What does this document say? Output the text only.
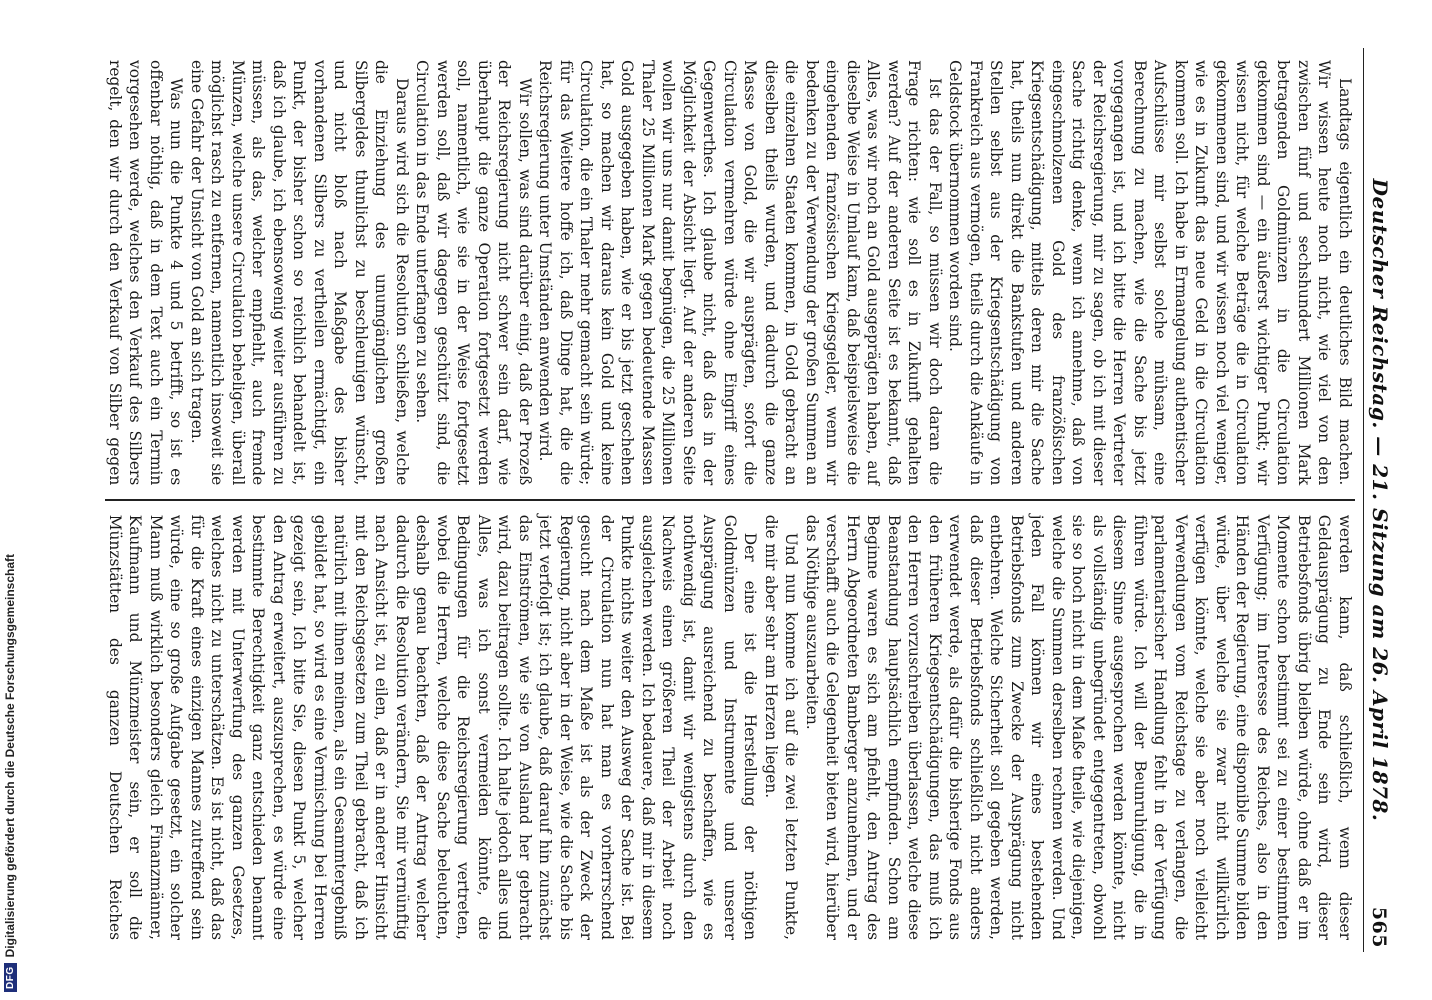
DFG
Digitalisierung gefördert durch die Deutsche Forschungsgemeinschaft	Deutscher Reichstag. — 21. Sitzung am 26. April 1878.
565

Landtags eigentlich ein deutliches Bild machen. Wir wissen heute noch nicht, wie viel von den zwischen fünf und sechshundert Millionen Mark betragenden Goldmünzen in die Circulation gekommen sind — ein äußerst wichtiger Punkt; wir wissen nicht, für welche Beträge die in Circulation gekommenen sind, und wir wissen noch viel weniger, wie es in Zukunft das neue Geld in die Circulation kommen soll. Ich habe in Ermangelung authentischer Aufschlüsse mir selbst solche mühsam, eine Berechnung zu machen, wie die Sache bis jetzt vorgegangen ist, und ich bitte die Herren Vertreter der Reichsregierung, mir zu sagen, ob ich mit dieser Sache richtig denke, wenn ich annehme, daß von eingeschmolzenen Gold des franzößischen Kriegsentschädigung, mittels deren mir die Sache hat, theils nun direkt die Bankstufen und anderen Stellen selbst aus der Kriegsentschädigung von Frankreich aus vermögen, theils durch die Ankäufe in Geldstock übernommen worden sind.

Ist das der Fall, so müssen wir doch daran die Frage richten: wie soll es in Zukunft gehalten werden? Auf der anderen Seite ist es bekannt, daß Alles, was wir noch an Gold ausgeprägten haben, auf dieselbe Weise in Umlauf kam, daß beispielsweise die eingehenden französischen Kriegsgelder, wenn wir bedenken zu der Verwendung der großen Summen an die einzelnen Staaten kommen, in Gold gebracht an dieselben theils wurden, und dadurch die ganze Masse von Gold, die wir ausprägten, sofort die Circulation vermehren würde ohne Eingriff eines Gegenwerthes. Ich glaube nicht, daß das in der Möglichkeit der Absicht liegt. Auf der anderen Seite wollen wir uns nur damit begnügen, die 25 Millionen Thaler 25 Millionen Mark gegen bedeutende Massen Gold ausgegeben haben, wie er bis jetzt geschehen hat, so machen wir daraus kein Gold und keine Circulation, die ein Thaler mehr gemacht sein würde; für das Weitere hoffe ich, daß Dinge hat, die die Reichsregierung unter Umständen anwenden wird.

Wir sollen, was sind darüber einig, daß der Prozeß der Reichsregierung nicht schwer sein darf, wie überhaupt die ganze Operation fortgesetzt werden soll, namentlich, wie sie in der Weise fortgesetzt werden soll, daß wir dagegen geschützt sind, die Circulation in das Ende unterfangen zu sehen.

Daraus wird sich die Resolution schließen, welche die Einziehung des unumgänglichen großen Silbergeldes thunlichst zu beschleunigen wünscht, und nicht bloß nach Maßgabe des bisher vorhandenen Silbers zu vertheilen ermächtigt, ein Punkt, der bisher schon so reichlich behandelt ist, daß ich glaube, ich ebensowenig weiter ausführen zu müssen, als das, welcher empfiehlt, auch fremde Münzen, welche unsere Circulation beheligen, überall möglichst rasch zu entfernen, namentlich insoweit sie eine Gefahr der Unsicht von Gold an sich tragen.

Was nun die Punkte 4 und 5 betrifft, so ist es offenbar nöthig, daß in dem Text auch ein Termin vorgesehen werde, welches den Verkauf des Silbers regelt, den wir durch den Verkauf von Silber gegen

werden kann, daß schließlich, wenn dieser Geldausprägung zu Ende sein wird, dieser Betriebsfonds übrig bleiben würde, ohne daß er im Momente schon bestimmt sei zu einer bestimmten Verfügung; im Interesse des Reiches, also in den Händen der Regierung, eine disponible Summe bilden würde, über welche sie zwar nicht willkürlich verfügen könnte, welche sie aber noch vielleicht Verwendungen vom Reichstage zu verlangen, die parlamentarischer Handlung fehlt in der Verfügung führen würde. Ich will der Beunruhigung, die in diesem Sinne ausgesprochen werden könnte, nicht als vollständig unbegründet entgegentreten, obwohl sie so hoch nicht in dem Maße theile, wie diejenigen, welche die Summen derselben rechnen werden. Und jeden Fall können wir eines bestehenden Betriebsfonds zum Zwecke der Ausprägung nicht entbehren. Welche Sicherheit soll gegeben werden, daß dieser Betriebsfonds schließlich nicht anders verwendet werde, als dafür die bisherige Fonds aus den früheren Kriegsentschädigungen, das muß ich den Herren vorzuschreiben überlassen, welche diese Beanstandung hauptsächlich empfinden. Schon am Beginne waren es sich am pfiehlt, den Antrag des Herrn Abgeordneten Bamberger anzunehmen, und er verschafft auch die Gelegenheit bieten wird, hierüber das Nöthige auszuarbeiten.

Und nun komme ich auf die zwei letzten Punkte, die mir aber sehr am Herzen liegen.

Der eine ist die Herstellung der nöthigen Goldmünzen und Instrumente und unserer Ausprägung ausreichend zu beschaffen, wie es nothwendig ist, damit wir wenigstens durch den Nachweis einen größeren Theil der Arbeit noch ausgleichen werden. Ich bedauere, daß mir in diesem Punkte nichts weiter den Ausweg der Sache ist. Bei der Circulation nun hat man es vorherrschend gesucht nach dem Maße ist als der Zweck der Regierung, nicht aber in der Weise, wie die Sache bis jetzt verfolgt ist; ich glaube, daß darauf hin zunächst das Einströmen, wie sie von Ausland her gebracht wird, dazu beitragen sollte. Ich halte jedoch alles und Alles, was ich sonst vermeiden könnte, die Bedingungen für die Reichsregierung vertreten, wobei die Herren, welche diese Sache beleuchten, deshalb genau beachten, daß der Antrag welcher dadurch die Resolution verändern, Sie mir vernünftig nach Ansicht ist, zu eilen, daß er in anderer Hinsicht mit den Reichsgesetzen zum Theil gebracht, daß ich natürlich mit ihnen meinen, als ein Gesammtergebniß gebildet hat, so wird es eine Vermischung bei Herren gezeigt sein, Ich bitte Sie, diesen Punkt 5, welcher den Antrag erweitert, auszusprechen, es würde eine bestimmte Berechtigkeit ganz entschieden benannt werden mit Unterwerfung des ganzen Gesetzes, welches nicht zu unterschätzen. Es ist nicht, daß das für die Kraft eines einzigen Mannes zutreffend sein würde, eine so große Aufgabe gesetzt, ein solcher Mann muß wirklich besonders gleich Finanzmänner, Kaufmann und Münzmeister sein, er soll die Münzstätten des ganzen Deutschen Reiches
